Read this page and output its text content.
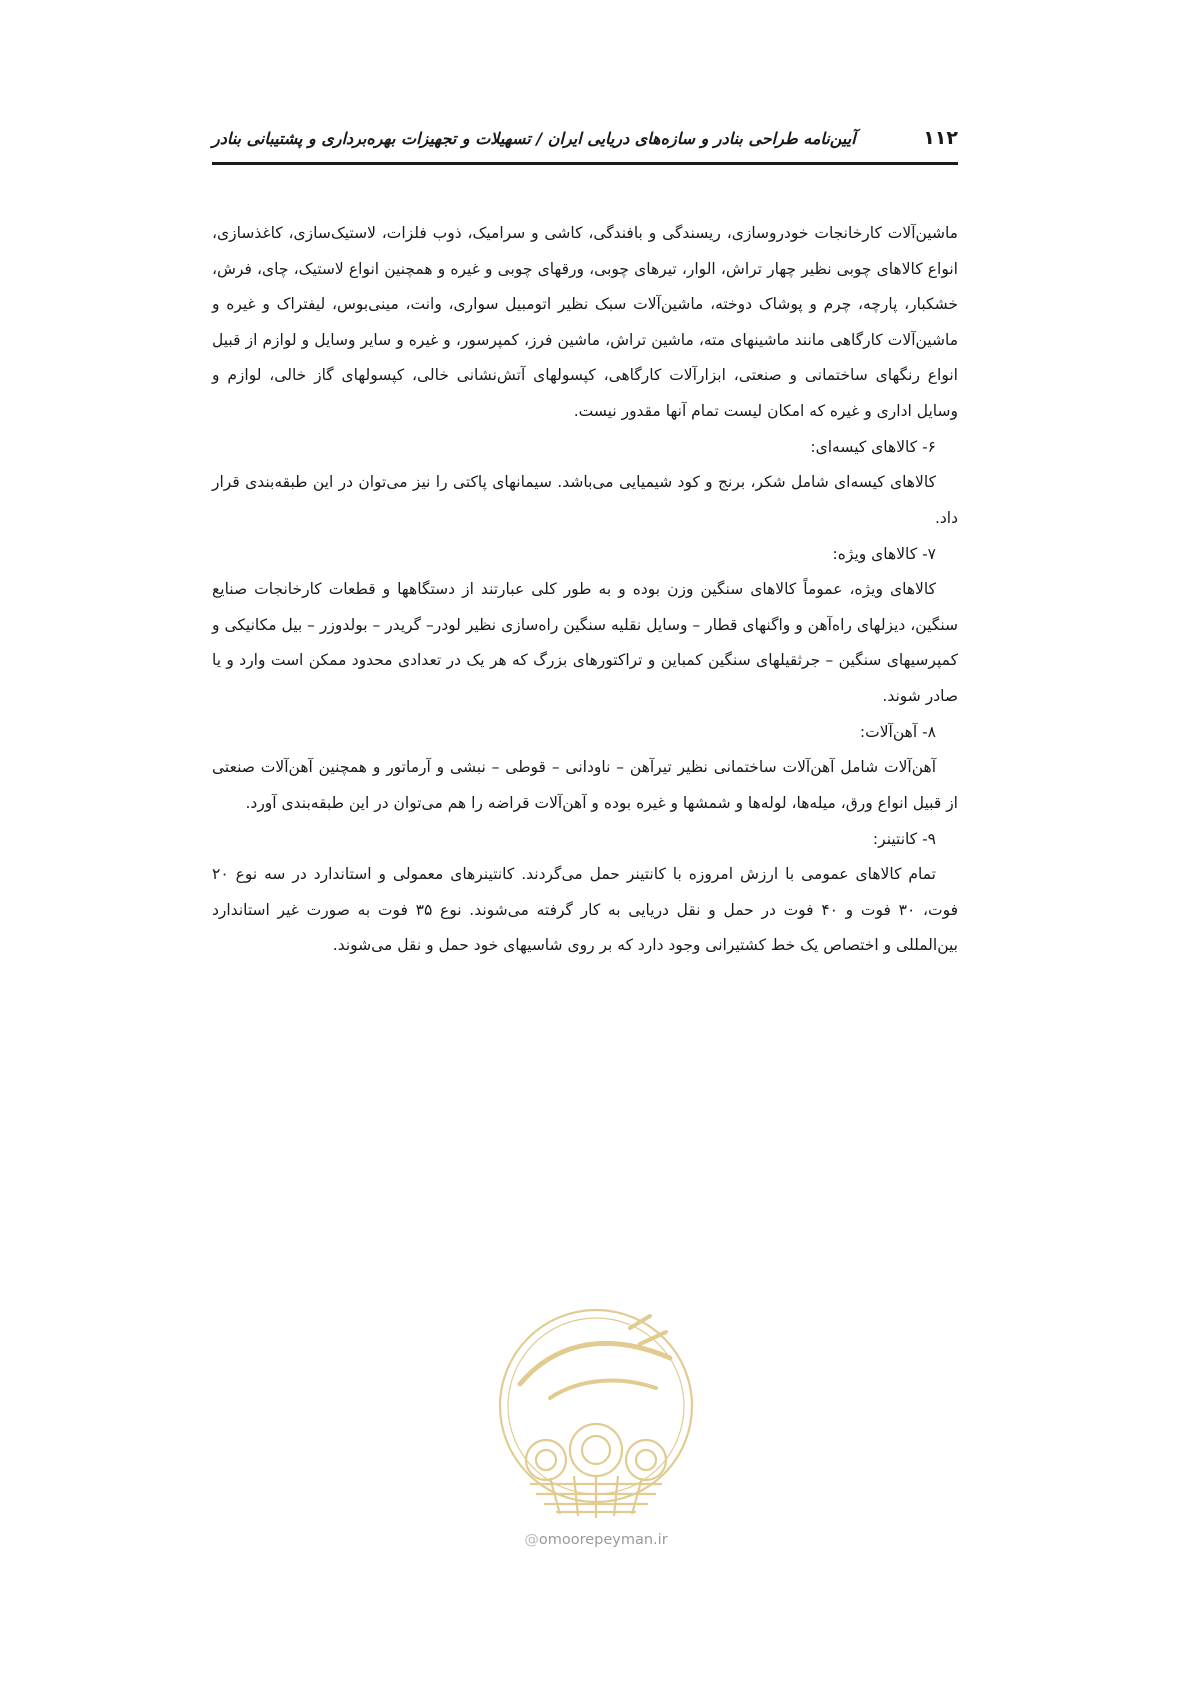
۱۱۲
آیین‌نامه طراحی بنادر و سازه‌های دریایی ایران / تسهیلات و تجهیزات بهره‌برداری و پشتیبانی بنادر

ماشین‌آلات کارخانجات خودروسازی، ریسندگی و بافندگی، کاشی و سرامیک، ذوب فلزات، لاستیک‌سازی، کاغذسازی، انواع کالاهای چوبی نظیر چهار تراش، الوار، تیرهای چوبی، ورقهای چوبی و غیره و همچنین انواع لاستیک، چای، فرش، خشکبار، پارچه، چرم و پوشاک دوخته، ماشین‌آلات سبک نظیر اتومبیل سواری، وانت، مینی‌بوس، لیفتراک و غیره و ماشین‌آلات کارگاهی مانند ماشینهای مته، ماشین تراش، ماشین فرز، کمپرسور، و غیره و سایر وسایل و لوازم از قبیل انواع رنگهای ساختمانی و صنعتی، ابزارآلات کارگاهی، کپسولهای آتش‌نشانی خالی، کپسولهای گاز خالی، لوازم و وسایل اداری و غیره که امکان لیست تمام آنها مقدور نیست.

۶- کالاهای کیسه‌ای:

کالاهای کیسه‌ای شامل شکر، برنج و کود شیمیایی می‌باشد. سیمانهای پاکتی را نیز می‌توان در این طبقه‌بندی قرار داد.

۷- کالاهای ویژه:

کالاهای ویژه، عموماً کالاهای سنگین وزن بوده و به طور کلی عبارتند از دستگاهها و قطعات کارخانجات صنایع سنگین، دیزلهای راه‌آهن و واگنهای قطار – وسایل نقلیه سنگین راه‌سازی نظیر لودر– گریدر – بولدوزر – بیل مکانیکی و کمپرسیهای سنگین – جرثقیلهای سنگین کمباین و تراکتورهای بزرگ که هر یک در تعدادی محدود ممکن است وارد و یا صادر شوند.

۸- آهن‌آلات:

آهن‌آلات شامل آهن‌آلات ساختمانی نظیر تیرآهن – ناودانی – قوطی – نبشی و آرماتور و همچنین آهن‌آلات صنعتی از قبیل انواع ورق، میله‌ها، لوله‌ها و شمشها و غیره بوده و آهن‌آلات قراضه را هم می‌توان در این طبقه‌بندی آورد.

۹- کانتینر:

تمام کالاهای عمومی با ارزش امروزه با کانتینر حمل می‌گردند. کانتینرهای معمولی و استاندارد در سه نوع ۲۰ فوت، ۳۰ فوت و ۴۰ فوت در حمل و نقل دریایی به کار گرفته می‌شوند. نوع ۳۵ فوت به صورت غیر استاندارد بین‌المللی و اختصاص یک خط کشتیرانی وجود دارد که بر روی شاسیهای خود حمل و نقل می‌شوند.

@omoorepeyman.ir
